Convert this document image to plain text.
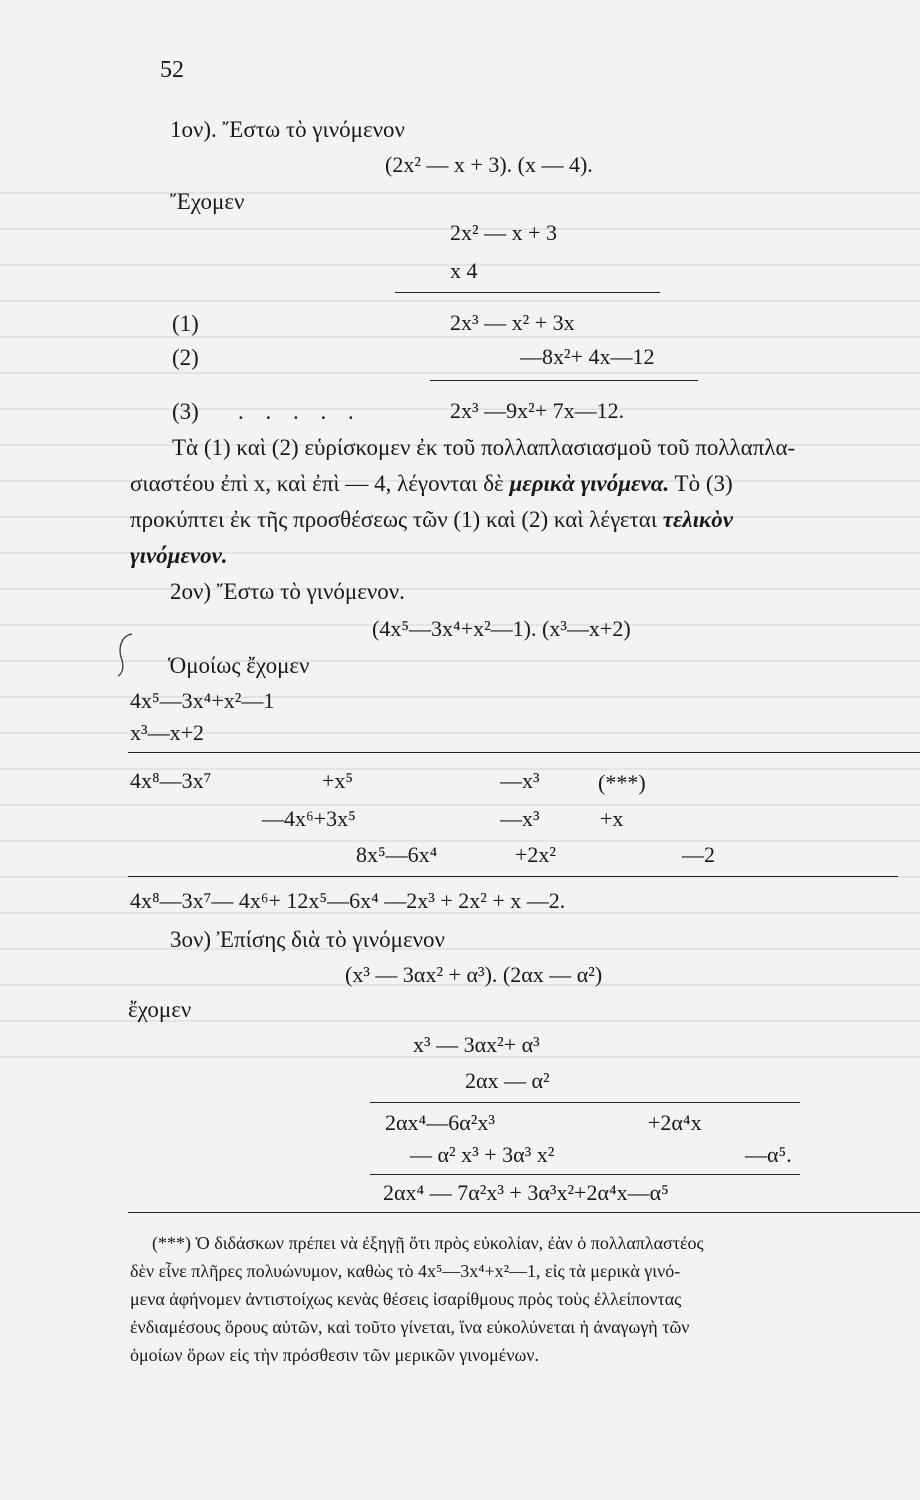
52
1ον). Ἔστω τὸ γινόμενον
(2x² — x + 3). (x — 4).
Ἔχομεν
2x² — x + 3
x 4
(1)	2x³ — x² + 3x
(2)	—8x²+ 4x—12
(3) . . . . .	2x³ —9x²+ 7x—12.
Τὰ (1) καὶ (2) εὑρίσκομεν ἐκ τοῦ πολλαπλασιασμοῦ τοῦ πολλαπλα-
σιαστέου ἐπὶ x, καὶ ἐπὶ — 4, λέγονται δὲ μερικὰ γινόμενα. Τὸ (3)
προκύπτει ἐκ τῆς προσθέσεως τῶν (1) καὶ (2) καὶ λέγεται τελικὸν
γινόμενον.
2ον) Ἔστω τὸ γινόμενον.
(4x⁵—3x⁴+x²—1). (x³—x+2)
Ὁμοίως ἔχομεν
4x⁵—3x⁴+x²—1
x³—x+2
4x⁸—3x⁷	+x⁵	—x³	(***)
—4x⁶+3x⁵	—x³	+x
8x⁵—6x⁴	+2x²	—2
4x⁸—3x⁷— 4x⁶+ 12x⁵—6x⁴ —2x³ + 2x² + x —2.
3ον) Ἐπίσης διὰ τὸ γινόμενον
(x³ — 3αx² + α³). (2αx — α²)
ἔχομεν
x³ — 3αx²+ α³
2αx — α²
2αx⁴—6α²x³	+2α⁴x
— α² x³ + 3α³ x²	—α⁵.
2αx⁴ — 7α²x³ + 3α³x²+2α⁴x—α⁵
(***) Ὁ διδάσκων πρέπει νὰ ἐξηγῇ ὅτι πρὸς εὐκολίαν, ἐὰν ὁ πολλαπλαστέος
δὲν εἶνε πλῆρες πολυώνυμον, καθὼς τὸ 4x⁵—3x⁴+x²—1, εἰς τὰ μερικὰ γινό-
μενα ἀφήνομεν ἀντιστοίχως κενὰς θέσεις ἰσαρίθμους πρὸς τοὺς ἐλλείποντας
ἐνδιαμέσους ὅρους αὐτῶν, καὶ τοῦτο γίνεται, ἵνα εὐκολύνεται ἡ ἀναγωγὴ τῶν
ὁμοίων ὅρων εἰς τὴν πρόσθεσιν τῶν μερικῶν γινομένων.
